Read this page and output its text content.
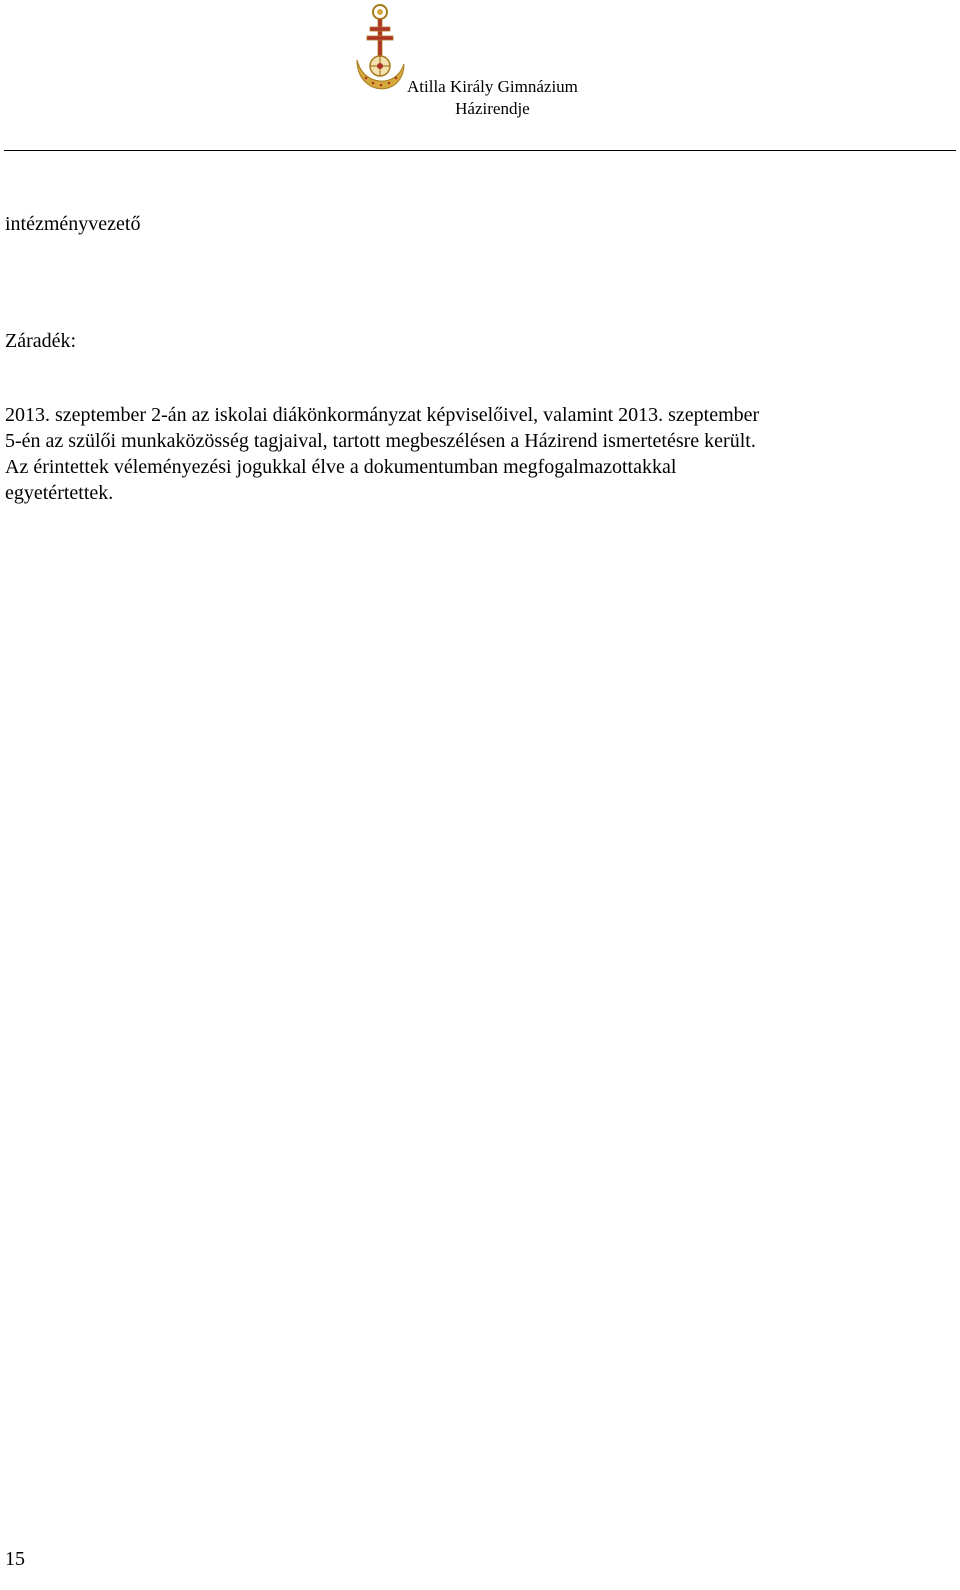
Atilla Király Gimnázium
Házirendje
intézményvezető
Záradék:

2013. szeptember 2-án az iskolai diákönkormányzat képviselőivel, valamint 2013. szeptember
5-én az szülői munkaközösség tagjaival, tartott megbeszélésen a Házirend ismertetésre került.
Az érintettek véleményezési jogukkal élve a dokumentumban megfogalmazottakkal
egyetértettek.

15
